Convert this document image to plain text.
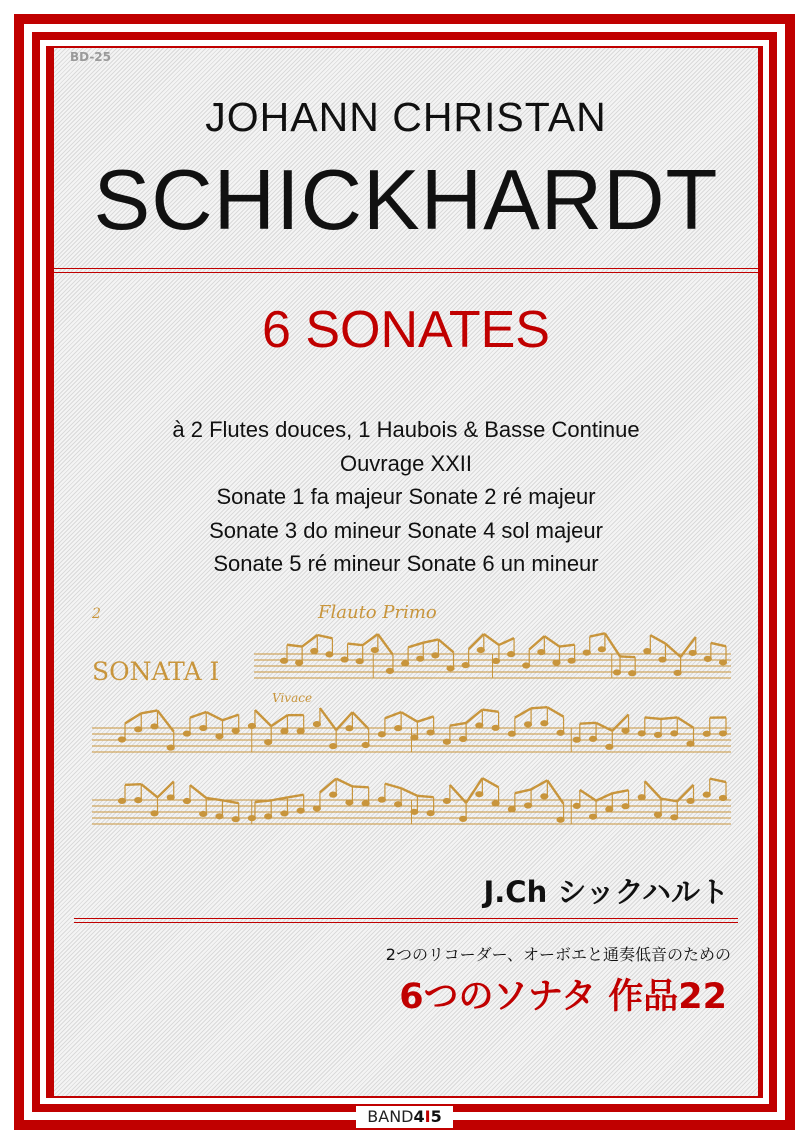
BD-25
JOHANN CHRISTAN
SCHICKHARDT
6 SONATES
à 2 Flutes douces, 1 Haubois & Basse Continue
Ouvrage XXII
Sonate 1 fa majeur Sonate 2 ré majeur
Sonate 3 do mineur Sonate 4 sol majeur
Sonate 5 ré mineur Sonate 6 un mineur
2	Flauto Primo
SONATA I
Vivace
J.Ch シックハルト
2つのリコーダー、オーボエと通奏低音のための
6つのソナタ 作品22
BAND4I5
